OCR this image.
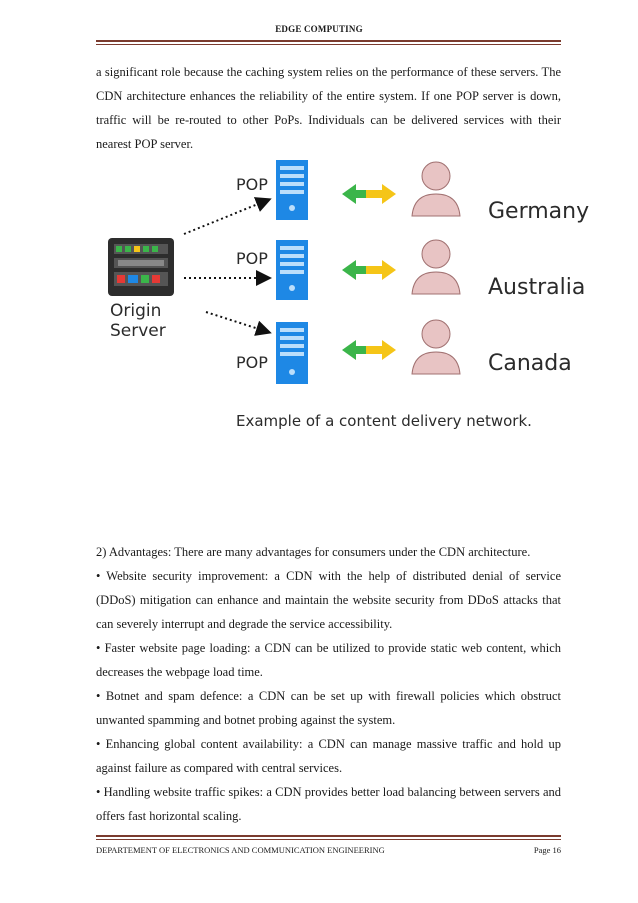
EDGE COMPUTING
a significant role because the caching system relies on the performance of these servers. The CDN architecture enhances the reliability of the entire system. If one POP server is down, traffic will be re-routed to other PoPs. Individuals can be delivered services with their nearest POP server.
Origin
Server
POP
Germany
POP
Australia
POP	Canada
Example of a content delivery network.

2) Advantages: There are many advantages for consumers under the CDN architecture.

• Website security improvement: a CDN with the help of distributed denial of service (DDoS) mitigation can enhance and maintain the website security from DDoS attacks that can severely interrupt and degrade the service accessibility.

• Faster website page loading: a CDN can be utilized to provide static web content, which decreases the webpage load time.

• Botnet and spam defence: a CDN can be set up with firewall policies which obstruct unwanted spamming and botnet probing against the system.

• Enhancing global content availability: a CDN can manage massive traffic and hold up against failure as compared with central services.

• Handling website traffic spikes: a CDN provides better load balancing between servers and offers fast horizontal scaling.

DEPARTEMENT OF ELECTRONICS AND COMMUNICATION ENGINEERING	Page 16
